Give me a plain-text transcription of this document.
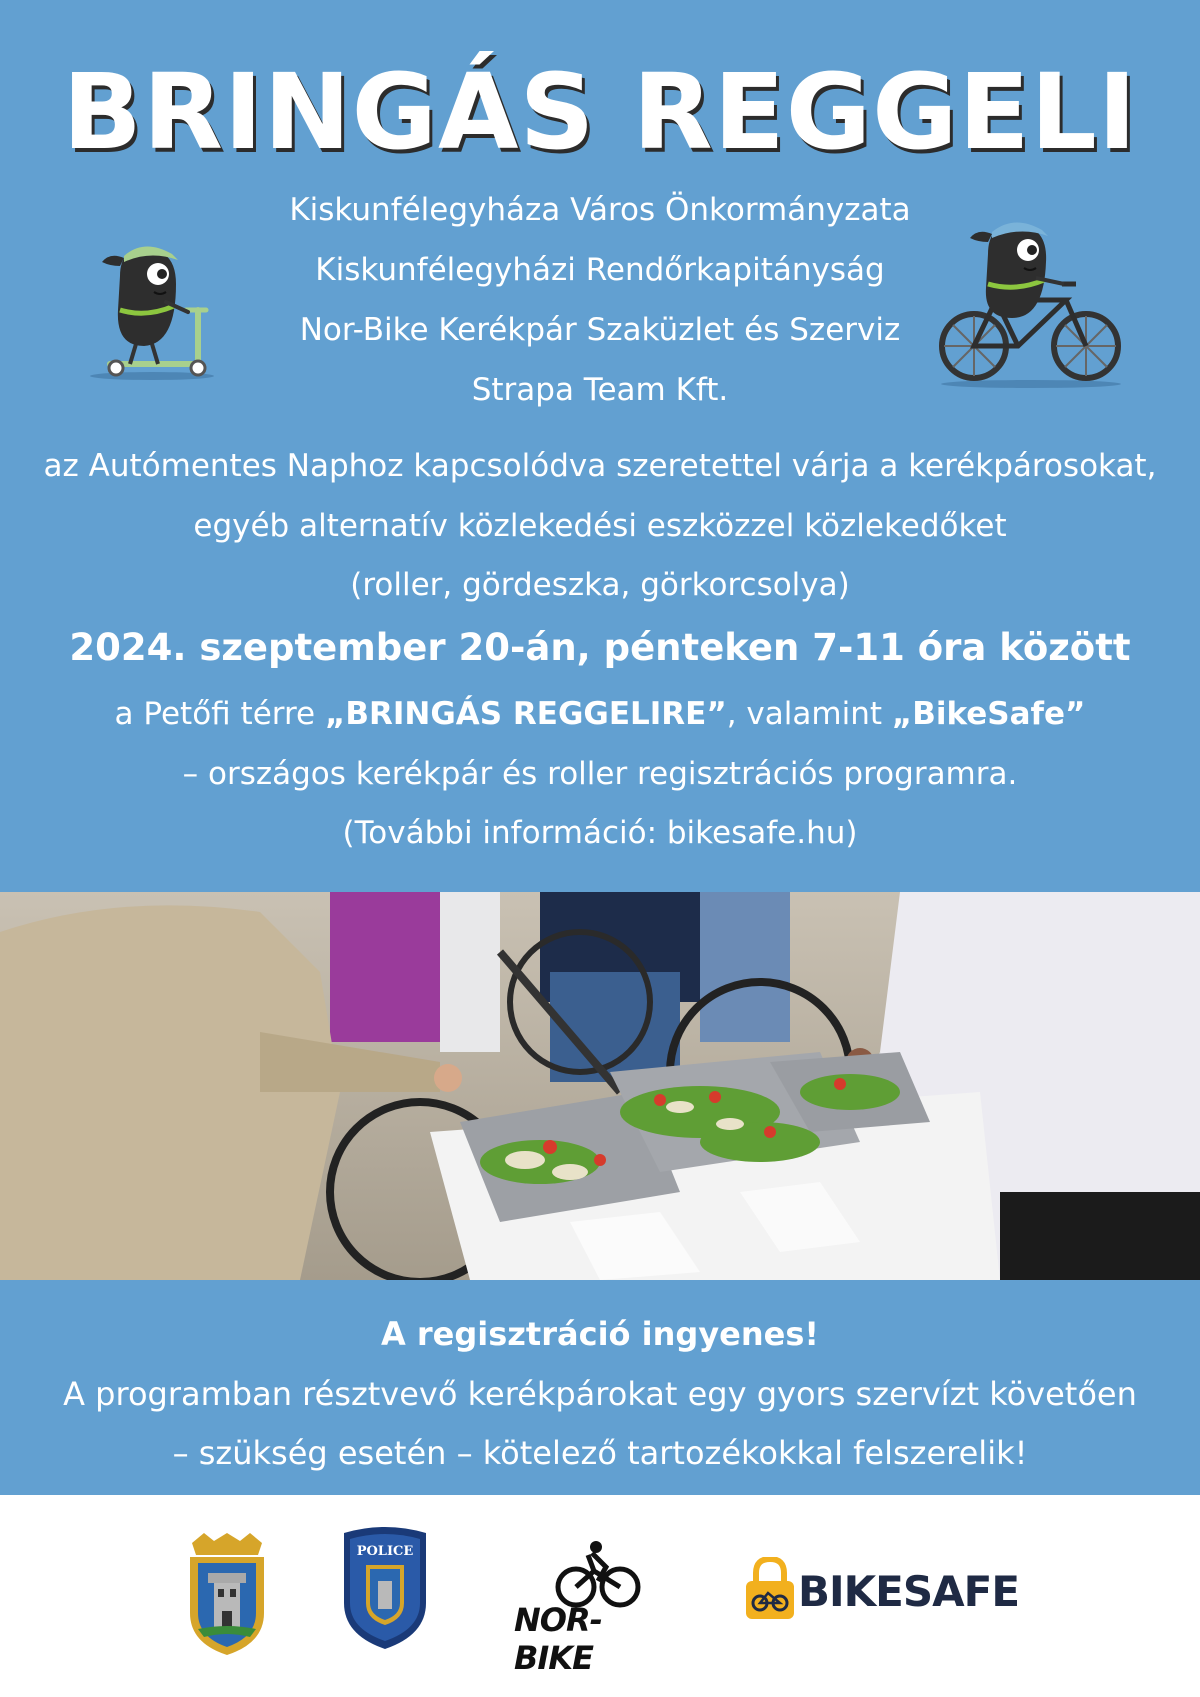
BRINGÁS REGGELI
Kiskunfélegyháza Város Önkormányzata
Kiskunfélegyházi Rendőrkapitányság
Nor-Bike Kerékpár Szaküzlet és Szerviz
Strapa Team Kft.
az Autómentes Naphoz kapcsolódva szeretettel várja a kerékpárosokat,
egyéb alternatív közlekedési eszközzel közlekedőket
(roller, gördeszka, görkorcsolya)
2024. szeptember 20-án, pénteken 7-11 óra között
a Petőfi térre „BRINGÁS REGGELIRE”, valamint „BikeSafe”
– országos kerékpár és roller regisztrációs programra.
(További információ: bikesafe.hu)
A regisztráció ingyenes!
A programban résztvevő kerékpárokat egy gyors szervízt követően
– szükség esetén – kötelező tartozékokkal felszerelik!
POLICE
NOR-BIKE
BIKESAFE
